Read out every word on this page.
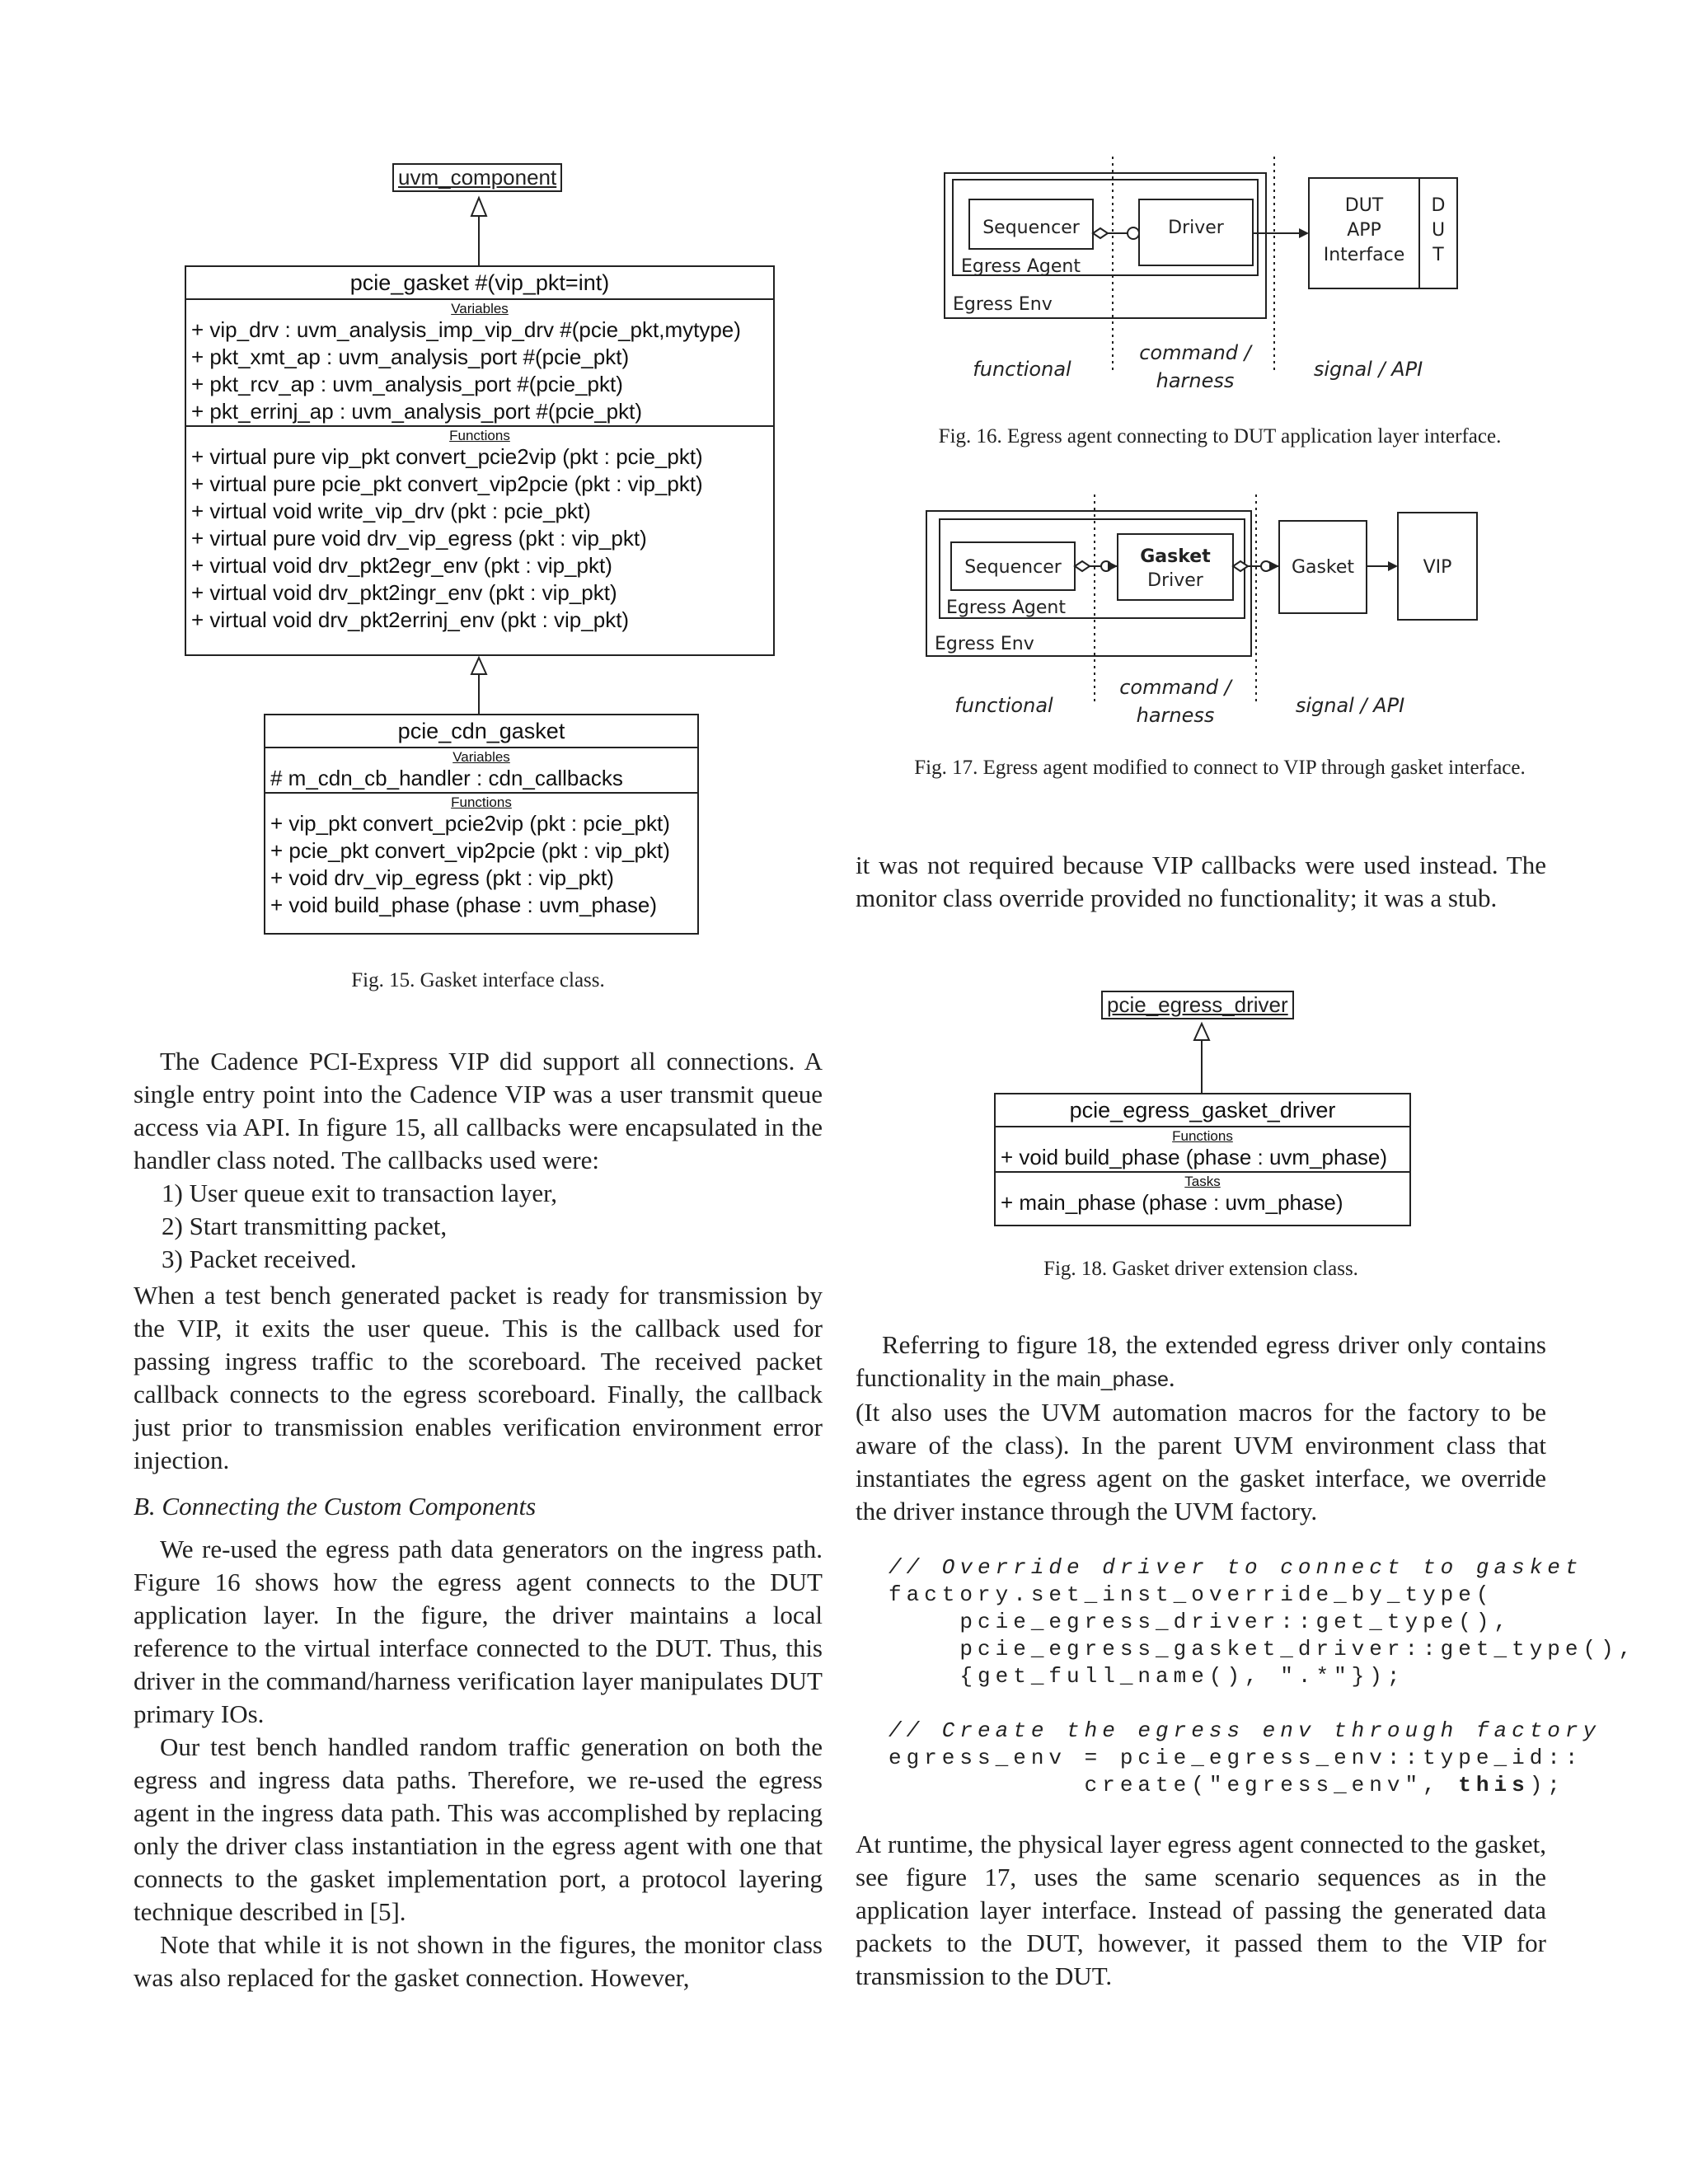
uvm_component
pcie_gasket #(vip_pkt=int)
Variables
+ vip_drv : uvm_analysis_imp_vip_drv #(pcie_pkt,mytype)
+ pkt_xmt_ap : uvm_analysis_port #(pcie_pkt)
+ pkt_rcv_ap : uvm_analysis_port #(pcie_pkt)
+ pkt_errinj_ap : uvm_analysis_port #(pcie_pkt)
Functions
+ virtual pure vip_pkt convert_pcie2vip (pkt : pcie_pkt)
+ virtual pure pcie_pkt convert_vip2pcie (pkt : vip_pkt)
+ virtual void write_vip_drv (pkt : pcie_pkt)
+ virtual pure void drv_vip_egress (pkt : vip_pkt)
+ virtual void drv_pkt2egr_env (pkt : vip_pkt)
+ virtual void drv_pkt2ingr_env (pkt : vip_pkt)
+ virtual void drv_pkt2errinj_env (pkt : vip_pkt)
pcie_cdn_gasket
Variables
# m_cdn_cb_handler : cdn_callbacks
Functions
+ vip_pkt convert_pcie2vip (pkt : pcie_pkt)
+ pcie_pkt convert_vip2pcie (pkt : vip_pkt)
+ void drv_vip_egress (pkt : vip_pkt)
+ void build_phase (phase : uvm_phase)
Fig. 15. Gasket interface class.
Sequencer	Driver
Egress Agent
Egress Env
DUT
APP
Interface
D
U
T
functional
command /
harness	signal / API
Fig. 16. Egress agent connecting to DUT application layer interface.
Sequencer
Gasket
Driver
Gasket	VIP
Egress Agent
Egress Env
functional
command /
harness	signal / API
Fig. 17. Egress agent modified to connect to VIP through gasket interface.
it was not required because VIP callbacks were used instead. The monitor class override provided no functionality; it was a stub.
pcie_egress_driver
pcie_egress_gasket_driver
Functions
+ void build_phase (phase : uvm_phase)
Tasks
+ main_phase (phase : uvm_phase)
Fig. 18. Gasket driver extension class.
Referring to figure 18, the extended egress driver only contains functionality in the main_phase.
(It also uses the UVM automation macros for the factory to be aware of the class). In the parent UVM environment class that instantiates the egress agent on the gasket interface, we override the driver instance through the UVM factory.
// Override driver to connect to gasket
factory.set_inst_override_by_type(
pcie_egress_driver::get_type(),
pcie_egress_gasket_driver::get_type(),
{get_full_name(), ".*"});
// Create the egress env through factory
egress_env = pcie_egress_env::type_id::
create("egress_env", this);
At runtime, the physical layer egress agent connected to the gasket, see figure 17, uses the same scenario sequences as in the application layer interface. Instead of passing the generated data packets to the DUT, however, it passed them to the VIP for transmission to the DUT.
The Cadence PCI-Express VIP did support all connections. A single entry point into the Cadence VIP was a user transmit queue access via API. In figure 15, all callbacks were encapsulated in the handler class noted. The callbacks used were:
1) User queue exit to transaction layer,
2) Start transmitting packet,
3) Packet received.
When a test bench generated packet is ready for transmission by the VIP, it exits the user queue. This is the callback used for passing ingress traffic to the scoreboard. The received packet callback connects to the egress scoreboard. Finally, the callback just prior to transmission enables verification environment error injection.
B. Connecting the Custom Components
We re-used the egress path data generators on the ingress path. Figure 16 shows how the egress agent connects to the DUT application layer. In the figure, the driver maintains a local reference to the virtual interface connected to the DUT. Thus, this driver in the command/harness verification layer manipulates DUT primary IOs.
Our test bench handled random traffic generation on both the egress and ingress data paths. Therefore, we re-used the egress agent in the ingress data path. This was accomplished by replacing only the driver class instantiation in the egress agent with one that connects to the gasket implementation port, a protocol layering technique described in [5].
Note that while it is not shown in the figures, the monitor class was also replaced for the gasket connection. However,
